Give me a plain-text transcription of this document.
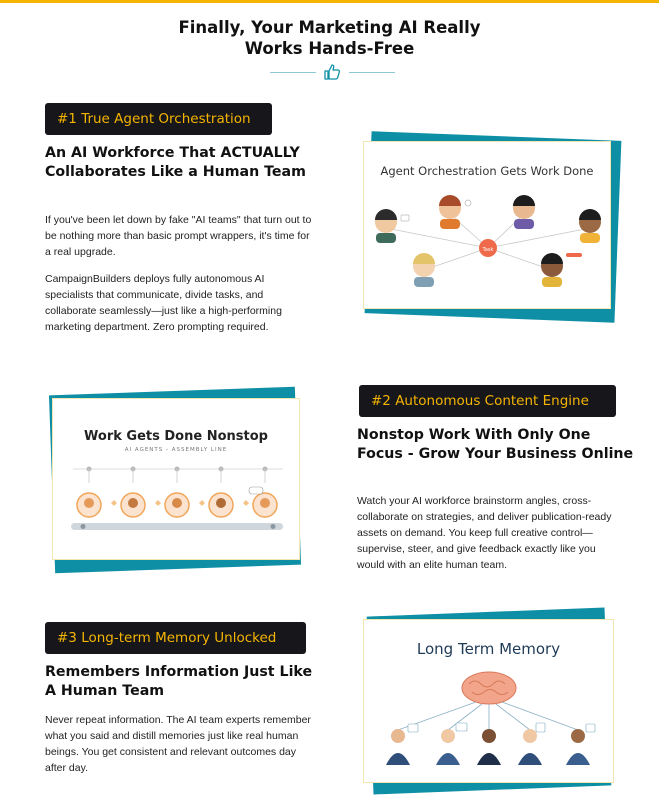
Finally, Your Marketing AI Really
Works Hands-Free
#1 True Agent Orchestration
An AI Workforce That ACTUALLY Collaborates Like a Human Team
If you've been let down by fake "AI teams" that turn out to be nothing more than basic prompt wrappers, it's time for a real upgrade.
CampaignBuilders deploys fully autonomous AI specialists that communicate, divide tasks, and collaborate seamlessly—just like a high-performing marketing department. Zero prompting required.
Agent Orchestration Gets Work Done
Task
Work Gets Done Nonstop
AI AGENTS - ASSEMBLY LINE
#2 Autonomous Content Engine
Nonstop Work With Only One Focus - Grow Your Business Online
Watch your AI workforce brainstorm angles, cross-collaborate on strategies, and deliver publication-ready assets on demand. You keep full creative control—supervise, steer, and give feedback exactly like you would with an elite human team.
#3 Long-term Memory Unlocked
Remembers Information Just Like A Human Team
Never repeat information. The AI team experts remember what you said and distill memories just like real human beings. You get consistent and relevant outcomes day after day.
Long Term Memory
